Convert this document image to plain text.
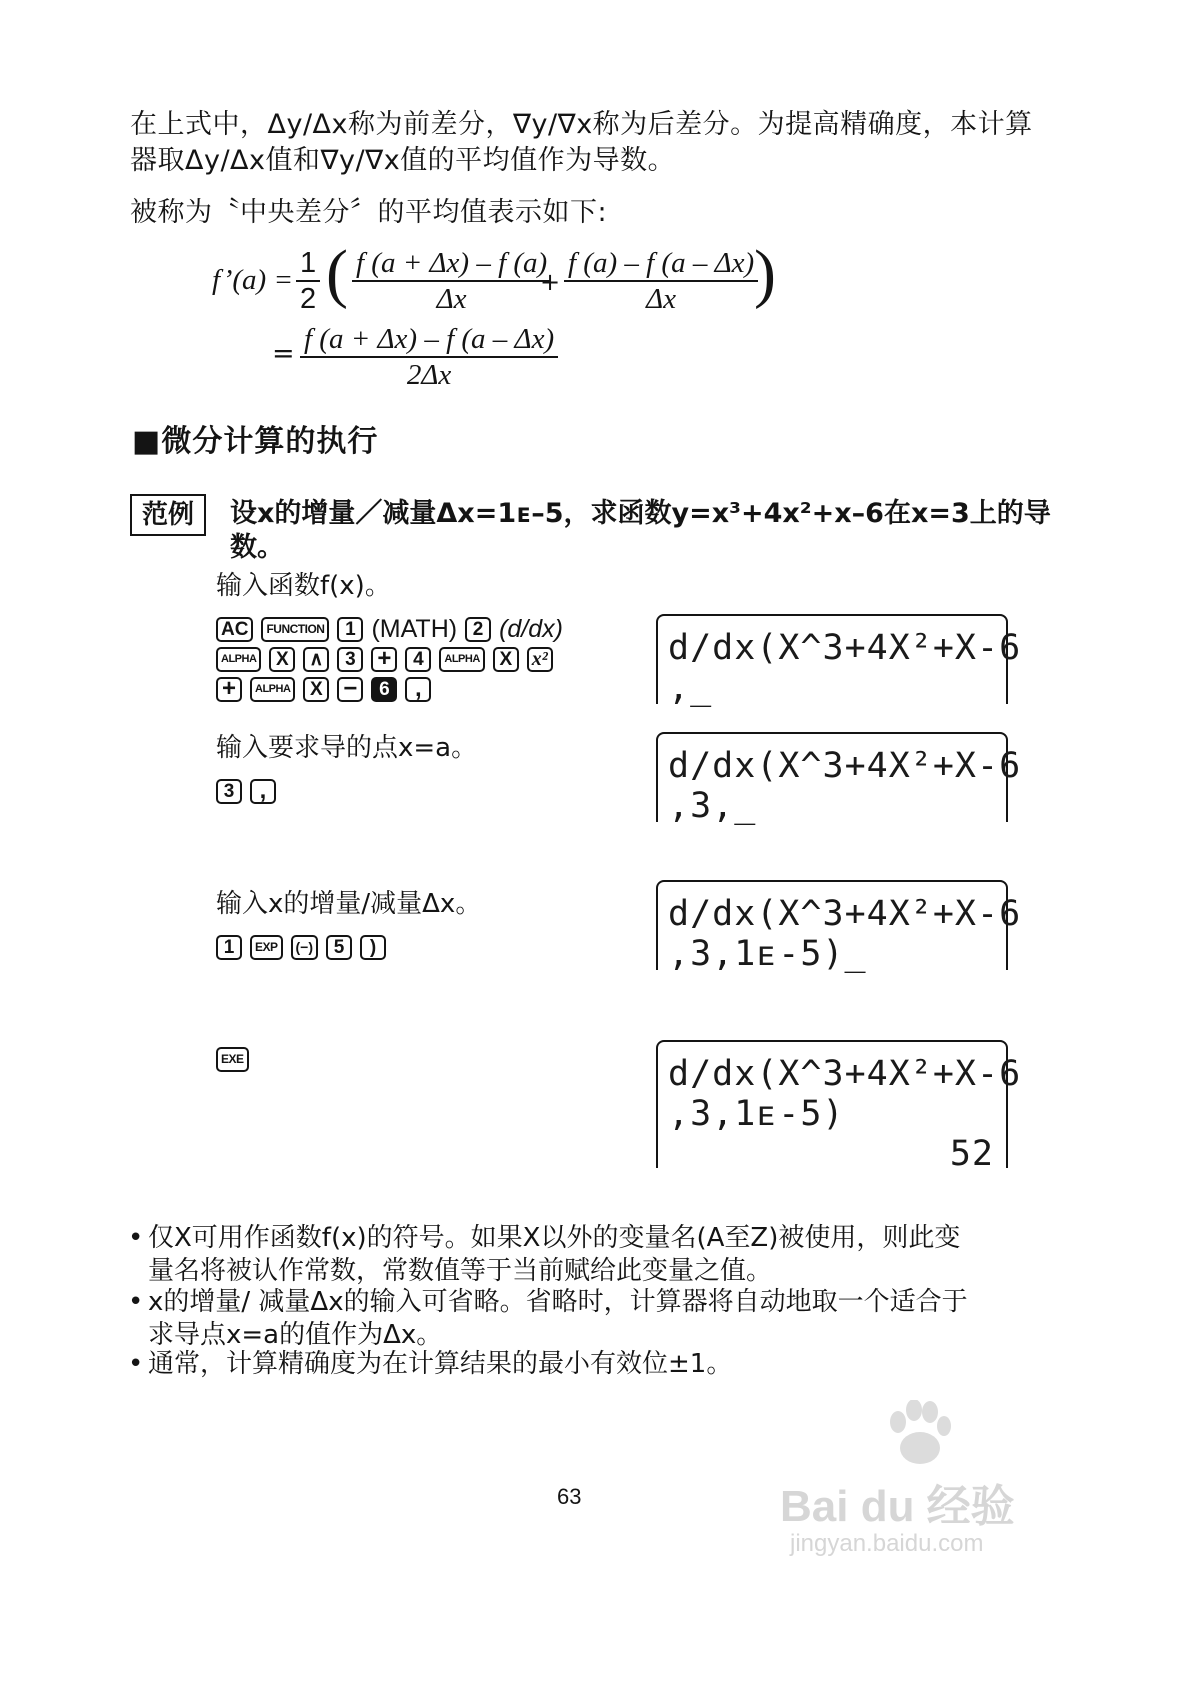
在上式中，Δy/Δx称为前差分，∇y/∇x称为后差分。为提高精确度，本计算
器取Δy/Δx值和∇y/∇x值的平均值作为导数。
被称为〝中央差分〞的平均值表示如下:
f’(a) =
1
2 ( f (a + Δx) – f (a)
Δx
+
f (a) – f (a – Δx)
Δx	)
= f (a + Δx) – f (a – Δx)
2Δx
■微分计算的执行
范例	设x的增量／减量Δx=1ᴇ–5，求函数y=x³+4x²+x–6在x=3上的导
数。
输入函数f(x)。
AC	FUNCTION	1 (MATH) 2 (d/dx)
ALPHA	X	∧	3 +	4	ALPHA	X x²
+	ALPHA	X −	6	,
d/dx(X^3+4X²+X-6
,_
输入要求导的点x=a。
3	,
d/dx(X^3+4X²+X-6
,3,_
输入x的增量/减量Δx。
1	EXP	(−)	5	)
d/dx(X^3+4X²+X-6
,3,1ᴇ-5)_
EXE	d/dx(X^3+4X²+X-6
,3,1ᴇ-5)
52
• 仅X可用作函数f(x)的符号。如果X以外的变量名(A至Z)被使用，则此变
量名将被认作常数，常数值等于当前赋给此变量之值。
• x的增量/ 减量Δx的输入可省略。省略时，计算器将自动地取一个适合于
求导点x=a的值作为Δx。
• 通常，计算精确度为在计算结果的最小有效位±1。
63	Bai du 经验
jingyan.baidu.com
